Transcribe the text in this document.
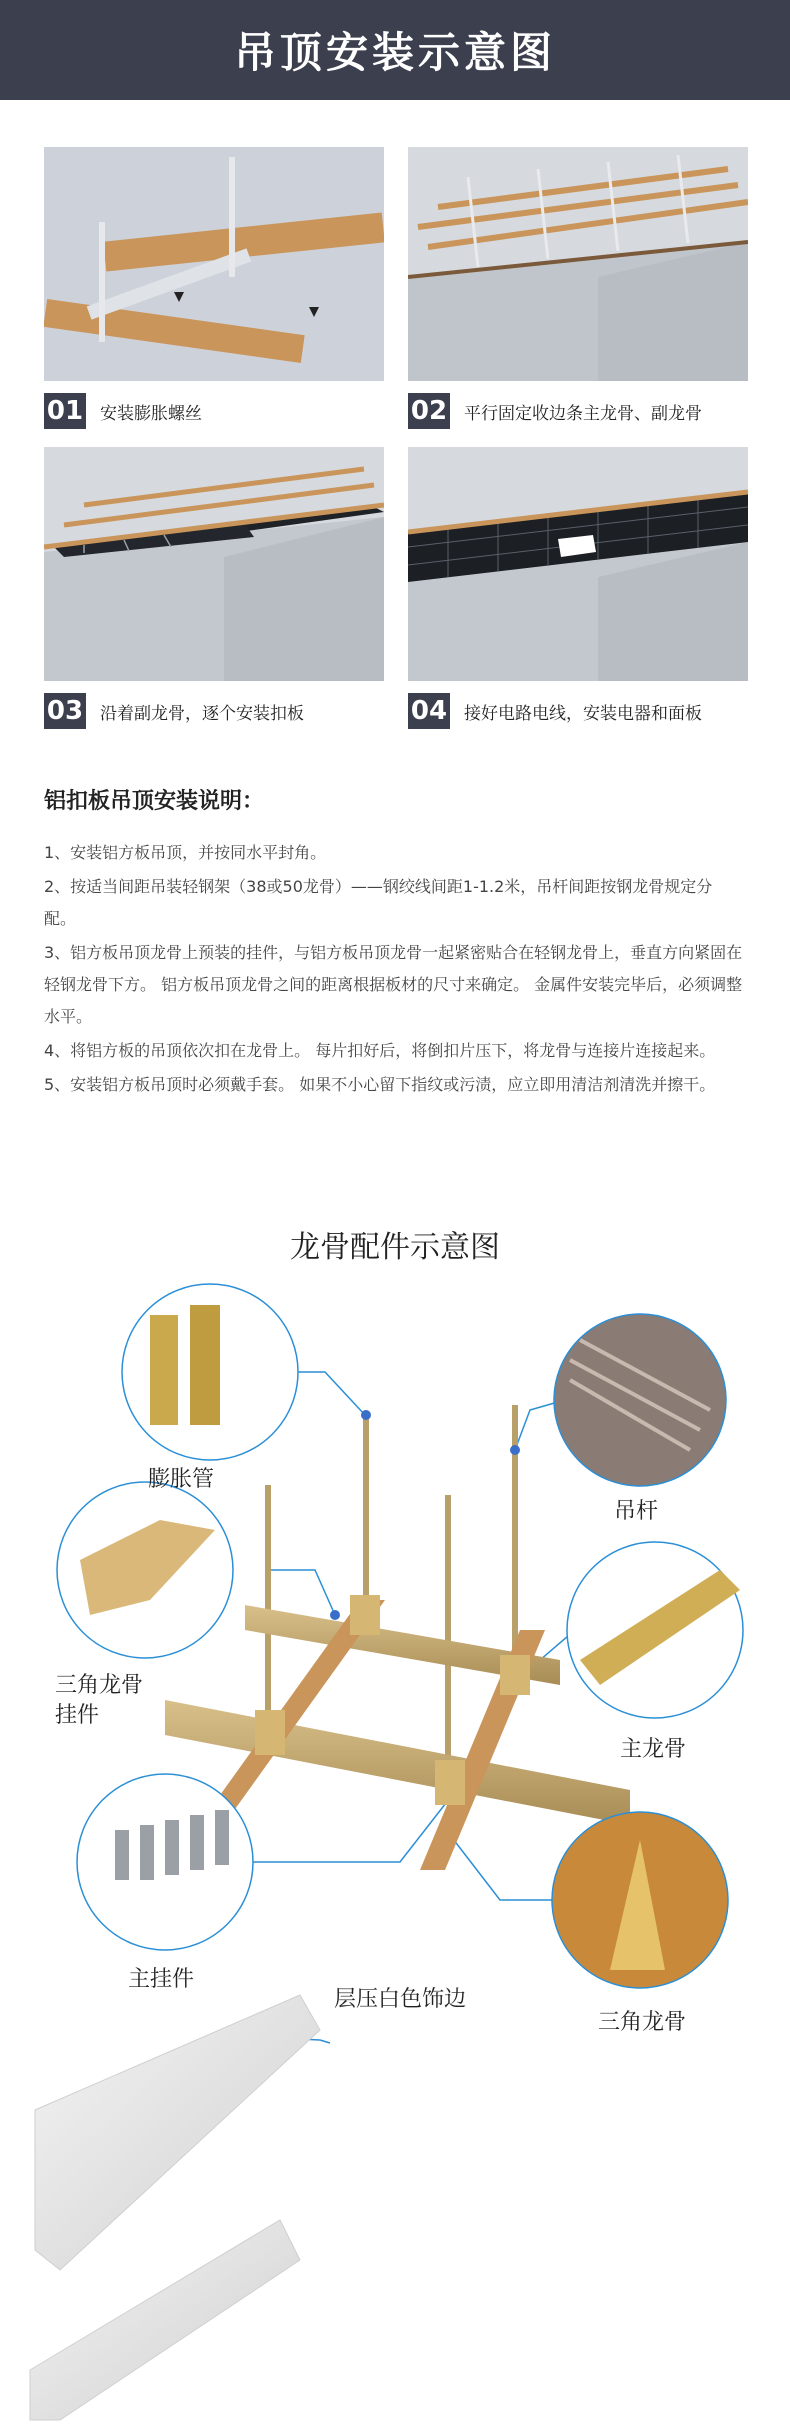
吊顶安装示意图
01 安装膨胀螺丝	02 平行固定收边条主龙骨、副龙骨
03 沿着副龙骨，逐个安装扣板	04 接好电路电线，安装电器和面板
铝扣板吊顶安装说明：
1、安装铝方板吊顶，并按同水平封角。
2、按适当间距吊装轻钢架（38或50龙骨）——钢绞线间距1-1.2米，吊杆间距按钢龙骨规定分配。
3、铝方板吊顶龙骨上预装的挂件，与铝方板吊顶龙骨一起紧密贴合在轻钢龙骨上，垂直方向紧固在轻钢龙骨下方。 铝方板吊顶龙骨之间的距离根据板材的尺寸来确定。 金属件安装完毕后，必须调整水平。
4、将铝方板的吊顶依次扣在龙骨上。 每片扣好后，将倒扣片压下，将龙骨与连接片连接起来。
5、安装铝方板吊顶时必须戴手套。 如果不小心留下指纹或污渍，应立即用清洁剂清洗并擦干。
龙骨配件示意图
膨胀管
吊杆
三角龙骨
挂件
主龙骨
主挂件
三角龙骨
层压白色饰边
